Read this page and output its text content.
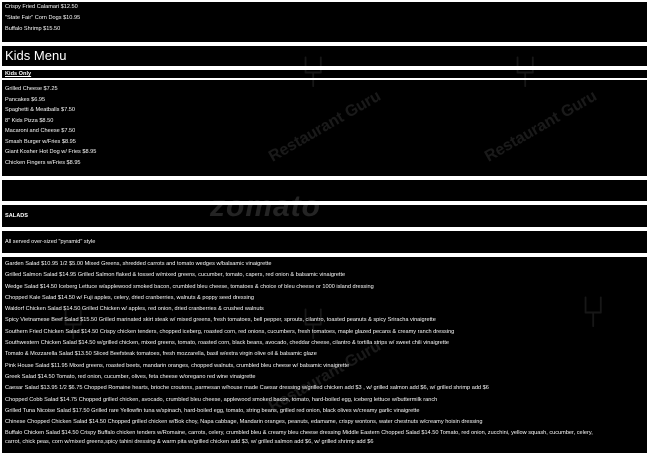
Crispy Fried Calamari $12.50
"State Fair" Corn Dogs $10.95
Buffalo Shrimp $15.50
Kids Menu
Kids Only
Grilled Cheese $7.25
Pancakes $6.95
Spaghetti & Meatballs $7.50
8" Kids Pizza $8.50
Macaroni and Cheese $7.50
Smash Burger w/Fries $8.95
Giant Kosher Hot Dog w/ Fries $8.95
Chicken Fingers w/Fries $8.95
SALADS
All served over-sized "pyramid" style
Garden Salad $10.95 1/2 $5.00 Mixed Greens, shredded carrots and tomato wedges w/balsamic vinaigrette
Grilled Salmon Salad $14.95 Grilled Salmon flaked & tossed w/mixed greens, cucumber, tomato, capers, red onion & balsamic vinaigrette
Wedge Salad $14.50 Iceberg Lettuce w/applewood smoked bacon, crumbled bleu cheese, tomatoes & choice of bleu cheese or 1000 island dressing
Chopped Kale Salad $14.50 w/ Fuji apples, celery, dried cranberries, walnuts & poppy seed dressing
Waldorf Chicken Salad $14.50 Grilled Chicken w/ apples, red onion, dried cranberries & crushed walnuts
Spicy Vietnamese Beef Salad $15.50 Grilled marinated skirt steak w/ mixed greens, fresh tomatoes, bell pepper, sprouts, cilantro, toasted peanuts & spicy Sriracha vinaigrette
Southern Fried Chicken Salad $14.50 Crispy chicken tenders, chopped iceberg, roasted corn, red onions, cucumbers, fresh tomatoes, maple glazed pecans & creamy ranch dressing
Southwestern Chicken Salad $14.50 w/grilled chicken, mixed greens, tomato, roasted corn, black beans, avocado, cheddar cheese, cilantro & tortilla strips w/ sweet chili vinaigrette
Tomato & Mozzarella Salad $13.50 Sliced Beefsteak tomatoes, fresh mozzarella, basil w/extra virgin olive oil & balsamic glaze
Pink House Salad $11.95 Mixed greens, roasted beets, mandarin oranges, chopped walnuts, crumbled bleu cheese w/ balsamic vinaigrette
Greek Salad $14.50 Tomato, red onion, cucumber, olives, feta cheese w/oregano red wine vinaigrette
Caesar Salad $13.95 1/2 $6.75 Chopped Romaine hearts, brioche croutons, parmesan w/house made Caesar dressing w/grilled chicken add $3 , w/ grilled salmon add $6, w/ grilled shrimp add $6
Chopped Cobb Salad $14.75 Chopped grilled chicken, avocado, crumbled bleu cheese, applewood smoked bacon, tomato, hard-boiled egg, iceberg lettuce w/buttermilk ranch
Grilled Tuna Nicoise Salad $17.50 Grilled rare Yellowfin tuna w/spinach, hard-boiled egg, tomato, string beans, grilled red onion, black olives w/creamy garlic vinaigrette
Chinese Chopped Chicken Salad $14.50 Chopped grilled chicken w/Bok choy, Napa cabbage, Mandarin oranges, peanuts, edamame, crispy wontons, water chestnuts w/creamy hoisin dressing
Buffalo Chicken Salad $14.50 Crispy Buffalo chicken tenders w/Romaine, carrots, celery, crumbled bleu & creamy bleu cheese dressing Middle Eastern Chopped Salad $14.50 Tomato, red onion, zucchini, yellow squash, cucumber, celery,
carrot, chick peas, corn w/mixed greens,spicy tahini dressing & warm pita w/grilled chicken add $3, w/ grilled salmon add $6, w/ grilled shrimp add $6
